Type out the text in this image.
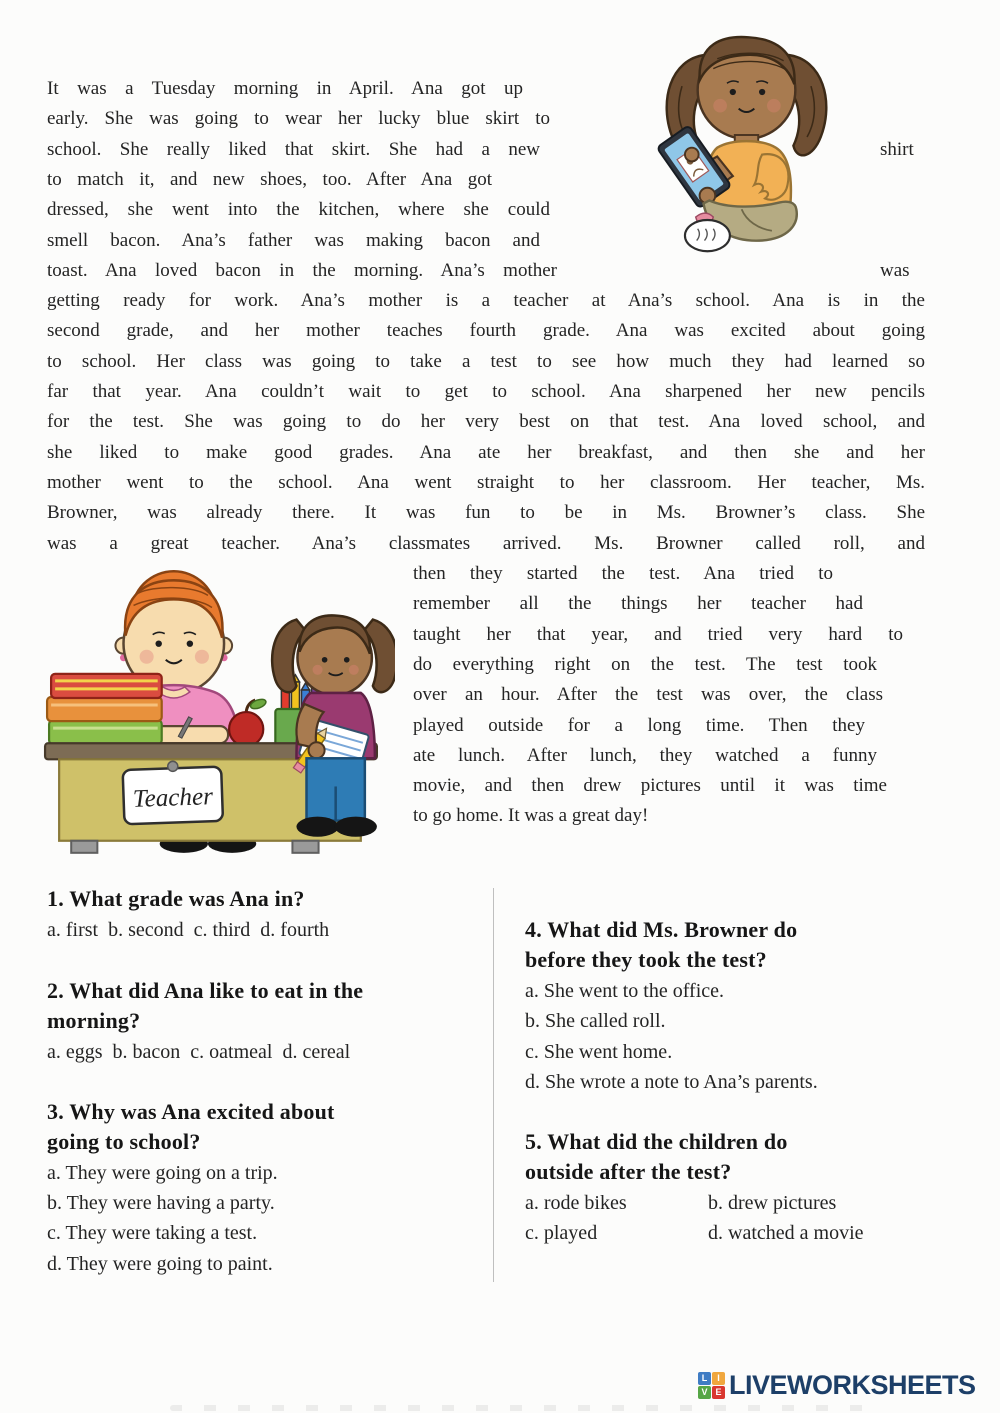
It was a Tuesday morning in April. Ana got up
early. She was going to wear her lucky blue skirt to
school. She really liked that skirt. She had a new
to match it, and new shoes, too. After Ana got
dressed, she went into the kitchen, where she could
smell bacon. Ana’s father was making bacon and
toast. Ana loved bacon in the morning. Ana’s mother
shirt
was
getting ready for work. Ana’s mother is a teacher at Ana’s school. Ana is in the
second grade, and her mother teaches fourth grade. Ana was excited about going
to school. Her class was going to take a test to see how much they had learned so
far that year. Ana couldn’t wait to get to school. Ana sharpened her new pencils
for the test. She was going to do her very best on that test. Ana loved school, and
she liked to make good grades. Ana ate her breakfast, and then she and her
mother went to the school. Ana went straight to her classroom. Her teacher, Ms.
Browner, was already there. It was fun to be in Ms. Browner’s class. She
was a great teacher. Ana’s classmates arrived. Ms. Browner called roll, and
then they started the test. Ana tried to
remember all the things her teacher had
taught her that year, and tried very hard to
do everything right on the test. The test took
over an hour. After the test was over, the class
played outside for a long time. Then they
ate lunch. After lunch, they watched a funny
movie, and then drew pictures until it was time
to go home. It was a great day!
Teacher
1. What grade was Ana in?
a. first  b. second  c. third  d. fourth
2. What did Ana like to eat in the
morning?
a. eggs  b. bacon  c. oatmeal  d. cereal
3. Why was Ana excited about
going to school?
a. They were going on a trip.
b. They were having a party.
c. They were taking a test.
d. They were going to paint.
4. What did Ms. Browner do
before they took the test?
a. She went to the office.
b. She called roll.
c. She went home.
d. She wrote a note to Ana’s parents.
5. What did the children do
outside after the test?
a. rode bikes	b. drew pictures
c. played	d. watched a movie
L	I
V E LIVEWORKSHEETS
